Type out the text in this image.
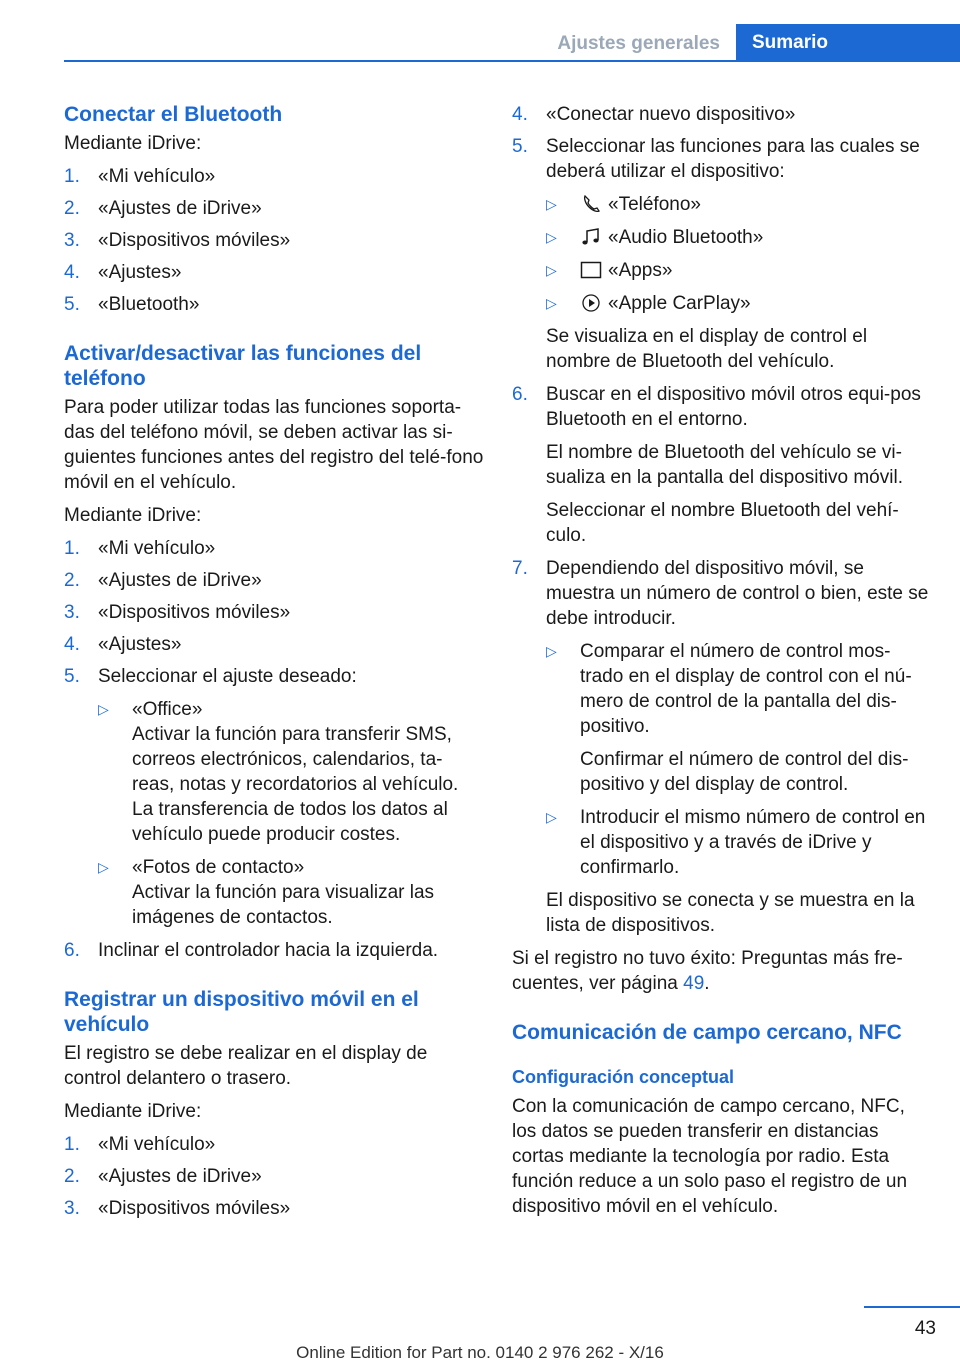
Ajustes generales	Sumario
Conectar el Bluetooth

Mediante iDrive:

1. «Mi vehículo»
2. «Ajustes de iDrive»
3. «Dispositivos móviles»
4. «Ajustes»
5. «Bluetooth»
Activar/desactivar las funciones del teléfono

Para poder utilizar todas las funciones soporta‐das del teléfono móvil, se deben activar las si‐guientes funciones antes del registro del telé‐fono móvil en el vehículo.

Mediante iDrive:

1. «Mi vehículo»
2. «Ajustes de iDrive»
3. «Dispositivos móviles»
4. «Ajustes»
5. Seleccionar el ajuste deseado:
▷ «Office»
Activar la función para transferir SMS, correos electrónicos, calendarios, ta‐reas, notas y recordatorios al vehículo. La transferencia de todos los datos al vehículo puede producir costes.
▷ «Fotos de contacto»
Activar la función para visualizar las imágenes de contactos.
6. Inclinar el controlador hacia la izquierda.
Registrar un dispositivo móvil en el vehículo

El registro se debe realizar en el display de control delantero o trasero.

Mediante iDrive:

1. «Mi vehículo»
2. «Ajustes de iDrive»
3. «Dispositivos móviles»
4. «Conectar nuevo dispositivo»
5. Seleccionar las funciones para las cuales se deberá utilizar el dispositivo:
▷	«Teléfono»
▷	«Audio Bluetooth»
▷	«Apps»
▷	«Apple CarPlay»

Se visualiza en el display de control el nombre de Bluetooth del vehículo.

6. Buscar en el dispositivo móvil otros equi‐pos Bluetooth en el entorno.

El nombre de Bluetooth del vehículo se vi‐sualiza en la pantalla del dispositivo móvil.

Seleccionar el nombre Bluetooth del vehí‐culo.

7. Dependiendo del dispositivo móvil, se muestra un número de control o bien, este se debe introducir.
▷ Comparar el número de control mos‐trado en el display de control con el nú‐mero de control de la pantalla del dis‐positivo.
Confirmar el número de control del dis‐positivo y del display de control.
▷ Introducir el mismo número de control en el dispositivo y a través de iDrive y confirmarlo.

El dispositivo se conecta y se muestra en la lista de dispositivos.

Si el registro no tuvo éxito: Preguntas más fre‐cuentes, ver página 49.

Comunicación de campo cercano, NFC
Configuración conceptual

Con la comunicación de campo cercano, NFC, los datos se pueden transferir en distancias cortas mediante la tecnología por radio. Esta función reduce a un solo paso el registro de un dispositivo móvil en el vehículo.

43
Online Edition for Part no. 0140 2 976 262 - X/16
